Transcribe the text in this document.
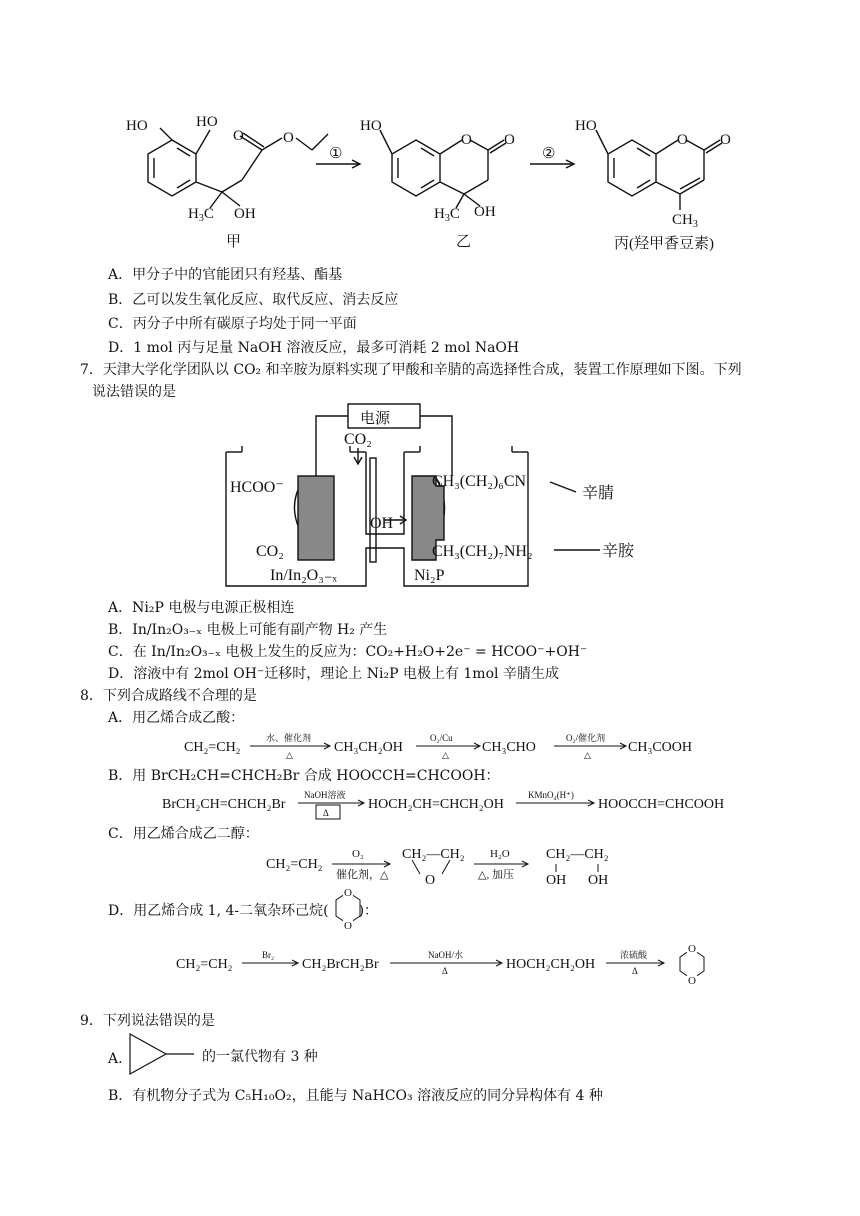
HO	HO
O	O
$H_3C$ OH
①
HO
O O
$H_3C$ OH
②
HO
O O
$CH_3$
甲	乙	丙(羟甲香豆素)
A．甲分子中的官能团只有羟基、酯基
B．乙可以发生氧化反应、取代反应、消去反应
C．丙分子中所有碳原子均处于同一平面
D．1 mol 丙与足量 NaOH 溶液反应，最多可消耗 2 mol NaOH
7．天津大学化学团队以 CO₂ 和辛胺为原料实现了甲酸和辛腈的高选择性合成，装置工作原理如下图。下列
说法错误的是
电源
CO₂
HCOO⁻
CO₂
In/In₂O₃₋ₓ
OH⁻
CH₃(CH₂)₆CN
CH₃(CH₂)₇NH₂
Ni₂P
辛腈
辛胺
A．Ni₂P 电极与电源正极相连
B．In/In₂O₃₋ₓ 电极上可能有副产物 H₂ 产生
C．在 In/In₂O₃₋ₓ 电极上发生的反应为：CO₂+H₂O+2e⁻ = HCOO⁻+OH⁻
D．溶液中有 2mol OH⁻迁移时，理论上 Ni₂P 电极上有 1mol 辛腈生成
8．下列合成路线不合理的是
A．用乙烯合成乙酸：
CH₂=CH₂	CH₃CH₂OH	CH₃CHO	CH₃COOH
水、催化剂
△
O₂/Cu
△
O₂/催化剂
△
B．用 BrCH₂CH=CHCH₂Br 合成 HOOCCH=CHCOOH：
BrCH₂CH=CHCH₂Br	HOCH₂CH=CHCH₂OH	HOOCCH=CHCOOH
NaOH溶液
Δ
KMnO₄(H⁺)
C．用乙烯合成乙二醇：
CH₂=CH₂
CH₂—CH₂
O
CH₂—CH₂
OH OH
O₂
催化剂，△
H₂O
△, 加压
D．用乙烯合成 1, 4-二氧杂环己烷( )：
O
O
CH₂=CH₂	CH₂BrCH₂Br	HOCH₂CH₂OH
Br₂	NaOH/水
Δ
浓硫酸
Δ
O
O
9．下列说法错误的是
A.	的一氯代物有 3 种
B．有机物分子式为 C₅H₁₀O₂，且能与 NaHCO₃ 溶液反应的同分异构体有 4 种
